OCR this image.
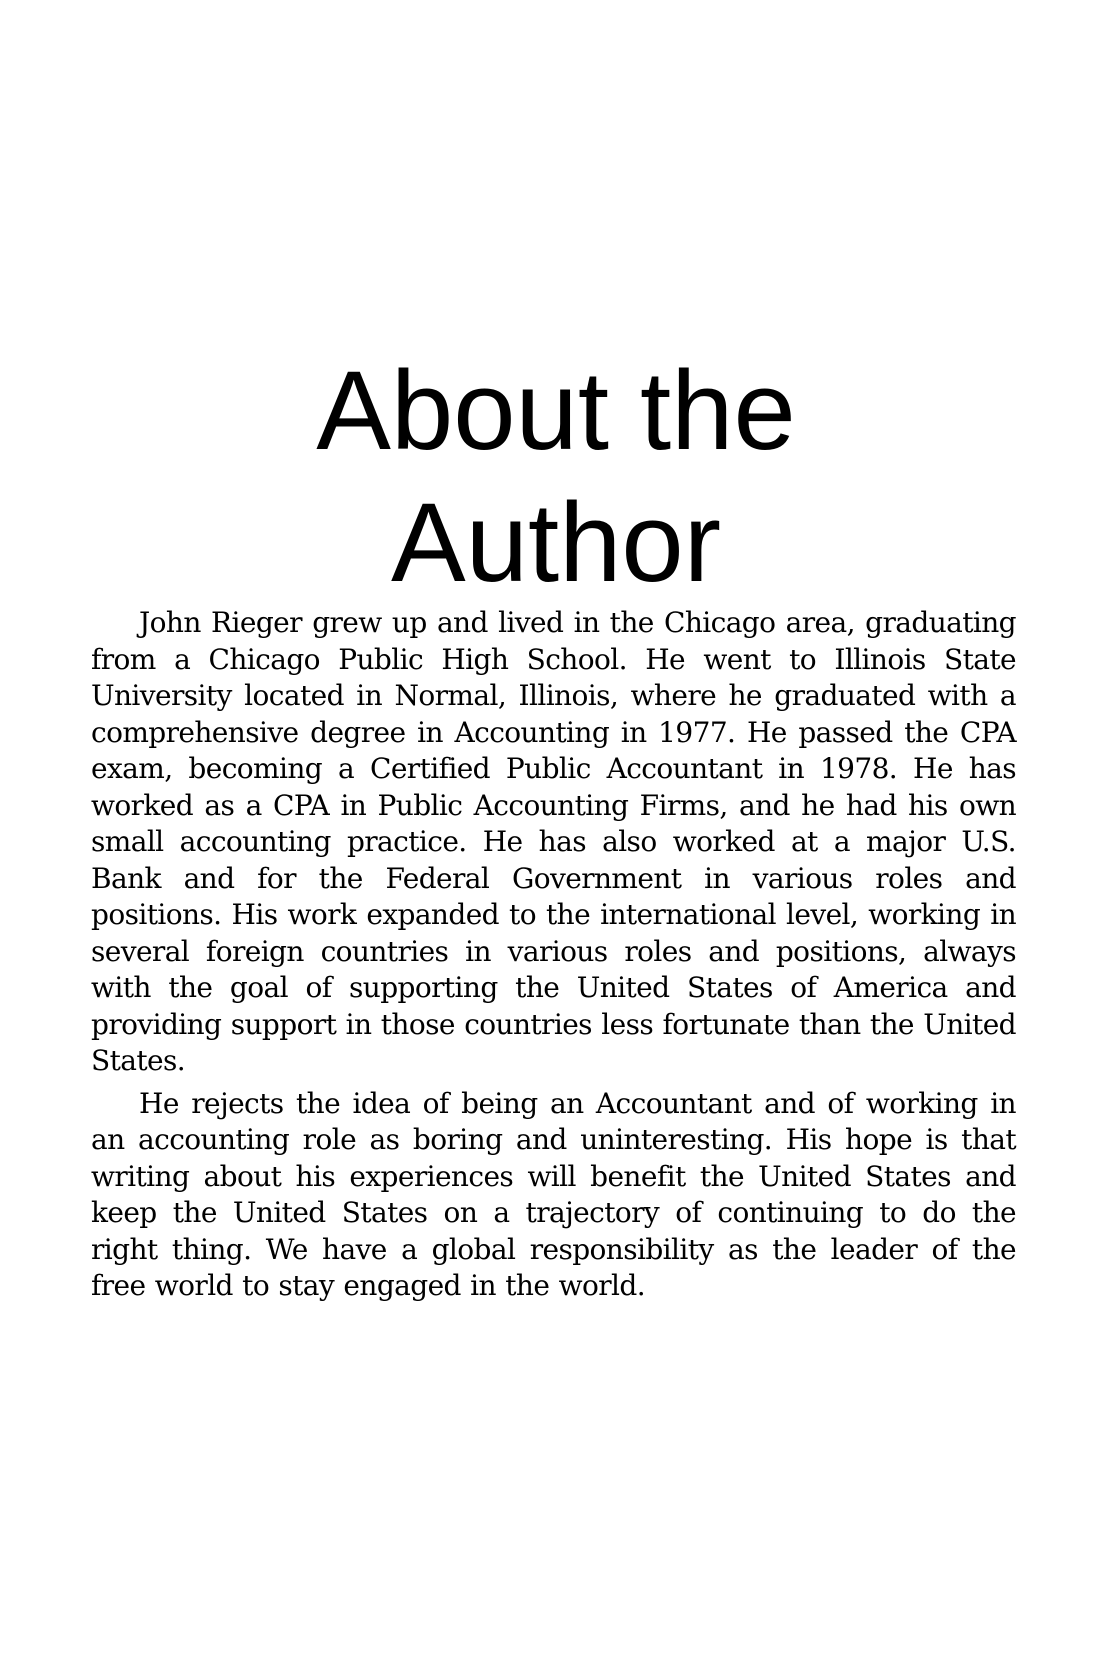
About the
Author

John Rieger grew up and lived in the Chicago area, graduating from a Chicago Public High School. He went to Illinois State University located in Normal, Illinois, where he graduated with a comprehensive degree in Accounting in 1977. He passed the CPA exam, becoming a Certified Public Accountant in 1978. He has worked as a CPA in Public Accounting Firms, and he had his own small accounting practice. He has also worked at a major U.S. Bank and for the Federal Government in various roles and positions. His work expanded to the international level, working in several foreign countries in various roles and positions, always with the goal of supporting the United States of America and providing support in those countries less fortunate than the United States.

He rejects the idea of being an Accountant and of working in an accounting role as boring and uninteresting. His hope is that writing about his experiences will benefit the United States and keep the United States on a trajectory of continuing to do the right thing. We have a global responsibility as the leader of the free world to stay engaged in the world.
